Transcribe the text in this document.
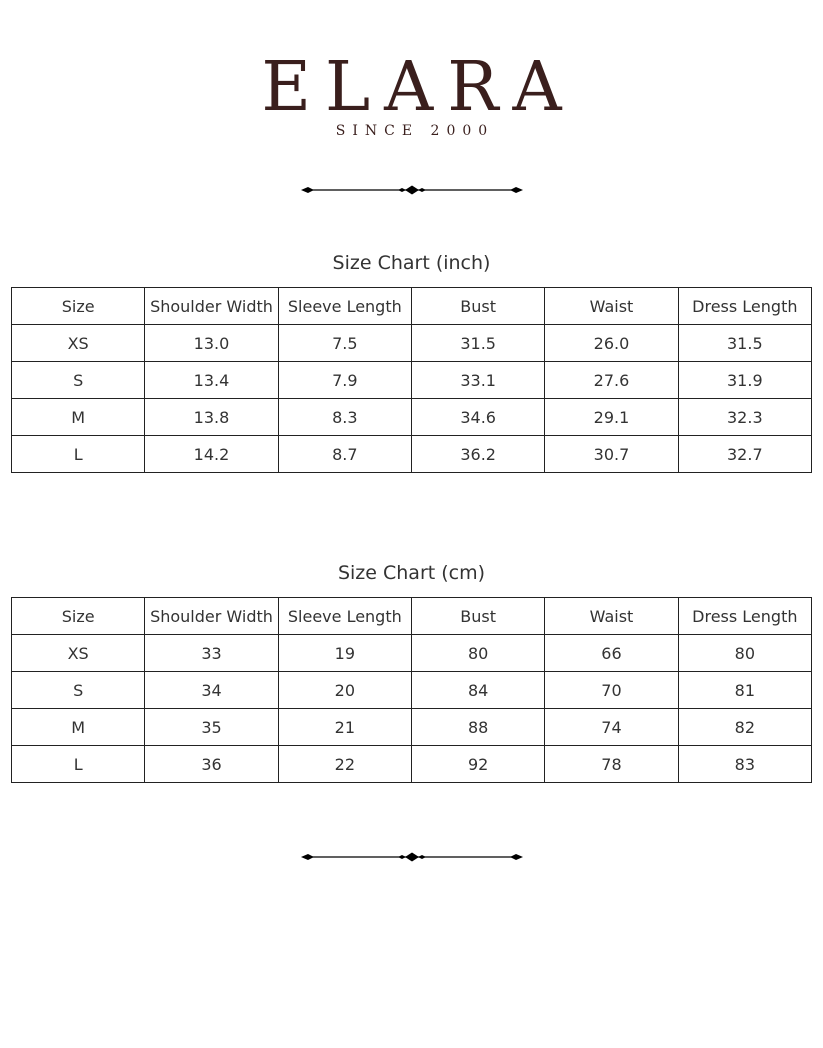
ELARA
SINCE 2000
Size Chart (inch)
Size	Shoulder Width	Sleeve Length	Bust	Waist	Dress Length
XS	13.0	7.5	31.5	26.0	31.5
S	13.4	7.9	33.1	27.6	31.9
M	13.8	8.3	34.6	29.1	32.3
L	14.2	8.7	36.2	30.7	32.7
Size Chart (cm)
Size	Shoulder Width	Sleeve Length	Bust	Waist	Dress Length
XS	33	19	80	66	80
S	34	20	84	70	81
M	35	21	88	74	82
L	36	22	92	78	83
